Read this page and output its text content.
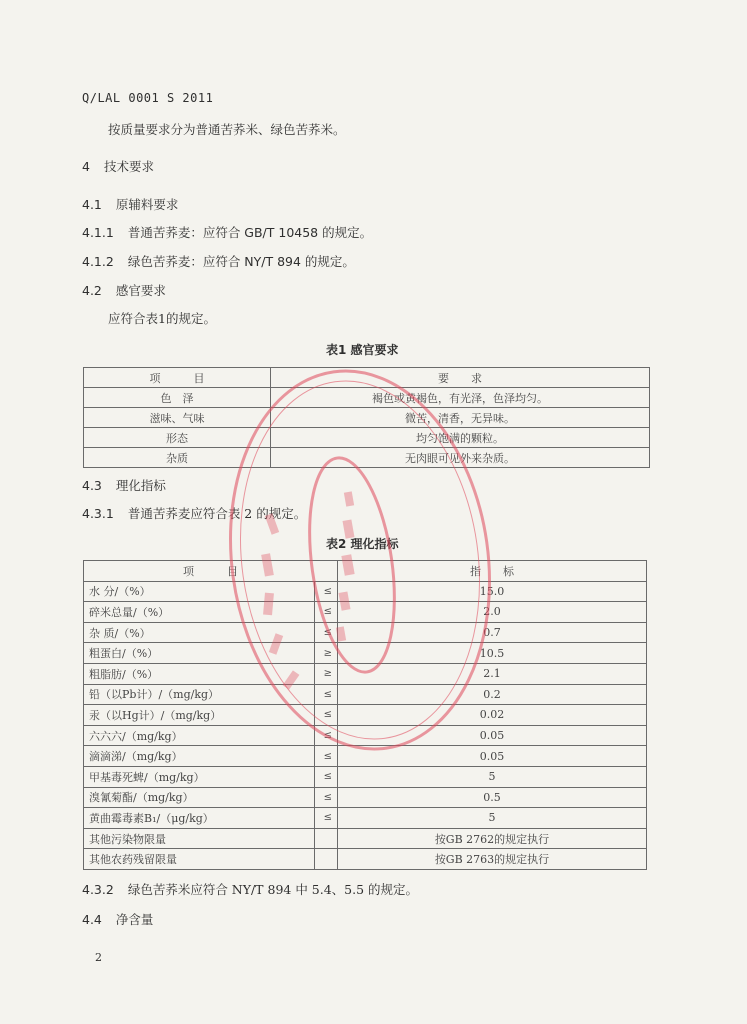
Q/LAL 0001 S 2011
按质量要求分为普通苦荞米、绿色苦荞米。
4 技术要求
4.1 原辅料要求
4.1.1 普通苦荞麦：应符合 GB/T 10458 的规定。
4.1.2 绿色苦荞麦：应符合 NY/T 894 的规定。
4.2 感官要求
应符合表1的规定。
表1 感官要求
项　　　目	要　　求
色　泽	褐色或黄褐色，有光泽，色泽均匀。
滋味、气味	微苦，清香，无异味。
形态	均匀饱满的颗粒。
杂质	无肉眼可见外来杂质。
4.3 理化指标
4.3.1 普通苦荞麦应符合表 2 的规定。
表2 理化指标
项　　　目		指　　标
水 分/（%）	≤	15.0
碎米总量/（%）	≤	2.0
杂 质/（%）	≤	0.7
粗蛋白/（%）	≥	10.5
粗脂肪/（%）	≥	2.1
铅（以Pb计）/（mg/kg）	≤	0.2
汞（以Hg计）/（mg/kg）	≤	0.02
六六六/（mg/kg）	≤	0.05
滴滴涕/（mg/kg）	≤	0.05
甲基毒死蜱/（mg/kg）	≤	5
溴氰菊酯/（mg/kg）	≤	0.5
黄曲霉毒素B₁/（μg/kg）	≤	5
其他污染物限量		按GB 2762的规定执行
其他农药残留限量		按GB 2763的规定执行
4.3.2 绿色苦荞米应符合 NY/T 894 中 5.4、5.5 的规定。
4.4 净含量
2
